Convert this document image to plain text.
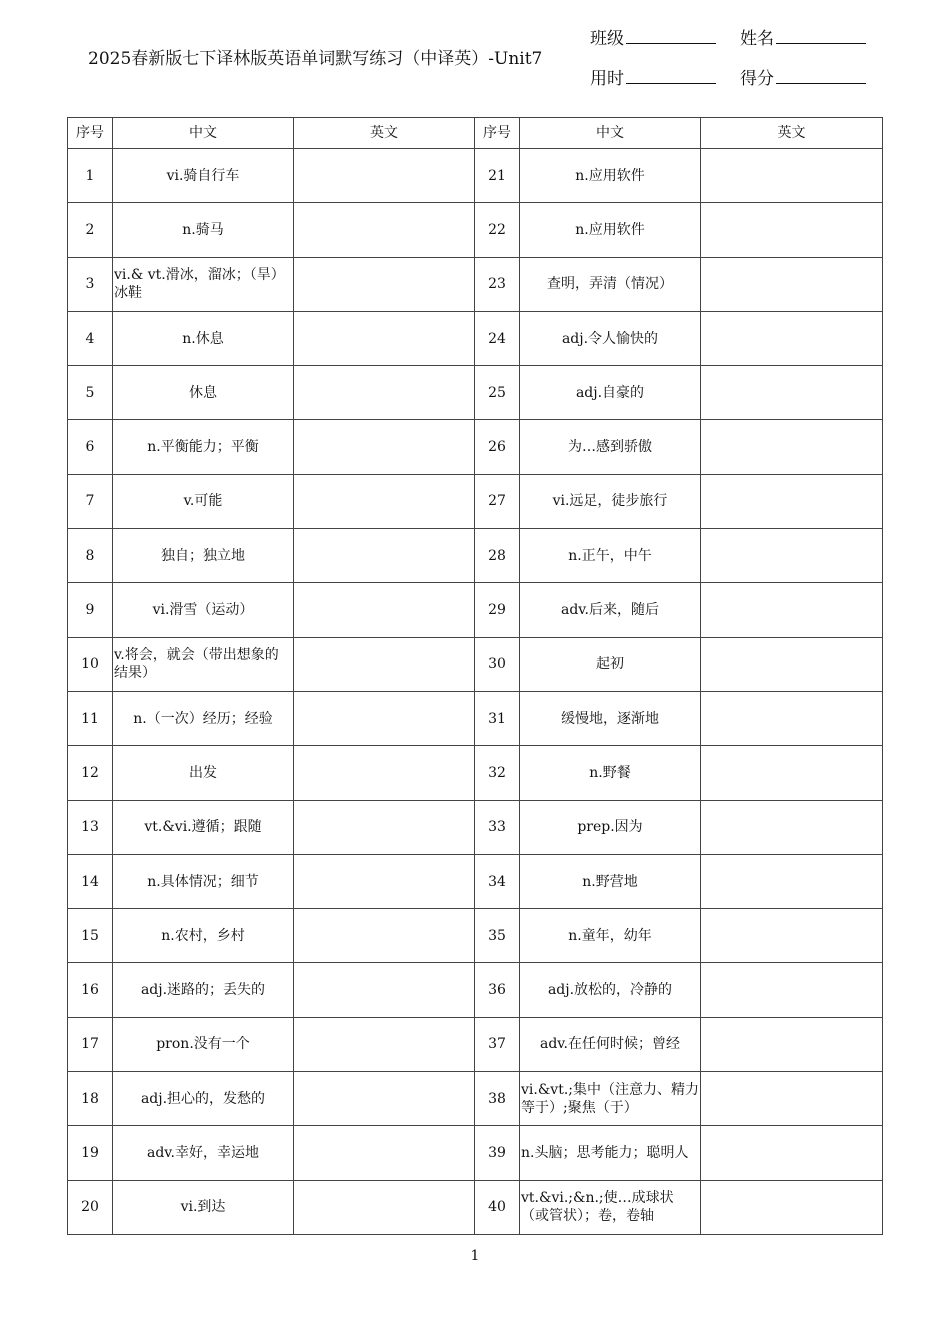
2025春新版七下译林版英语单词默写练习（中译英）-Unit7
班级	姓名
用时	得分
序号	中文	英文	序号	中文	英文
1	vi.骑自行车		21	n.应用软件	
2	n.骑马		22	n.应用软件	
3	vi.& vt.滑冰，溜冰；（旱）冰鞋		23	查明，弄清（情况）	
4	n.休息		24	adj.令人愉快的	
5	休息		25	adj.自豪的	
6	n.平衡能力；平衡		26	为…感到骄傲	
7	v.可能		27	vi.远足，徒步旅行	
8	独自；独立地		28	n.正午，中午	
9	vi.滑雪（运动）		29	adv.后来，随后	
10	v.将会，就会（带出想象的结果）		30	起初	
11	n.（一次）经历；经验		31	缓慢地，逐渐地	
12	出发		32	n.野餐	
13	vt.&vi.遵循；跟随		33	prep.因为	
14	n.具体情况；细节		34	n.野营地	
15	n.农村，乡村		35	n.童年，幼年	
16	adj.迷路的；丢失的		36	adj.放松的，冷静的	
17	pron.没有一个		37	adv.在任何时候；曾经	
18	adj.担心的，发愁的		38	vi.&vt.;集中（注意力、精力等于）;聚焦（于）	
19	adv.幸好，幸运地		39	n.头脑；思考能力；聪明人	
20	vi.到达		40	vt.&vi.;&n.;使…成球状（或管状）；卷，卷轴	
1
